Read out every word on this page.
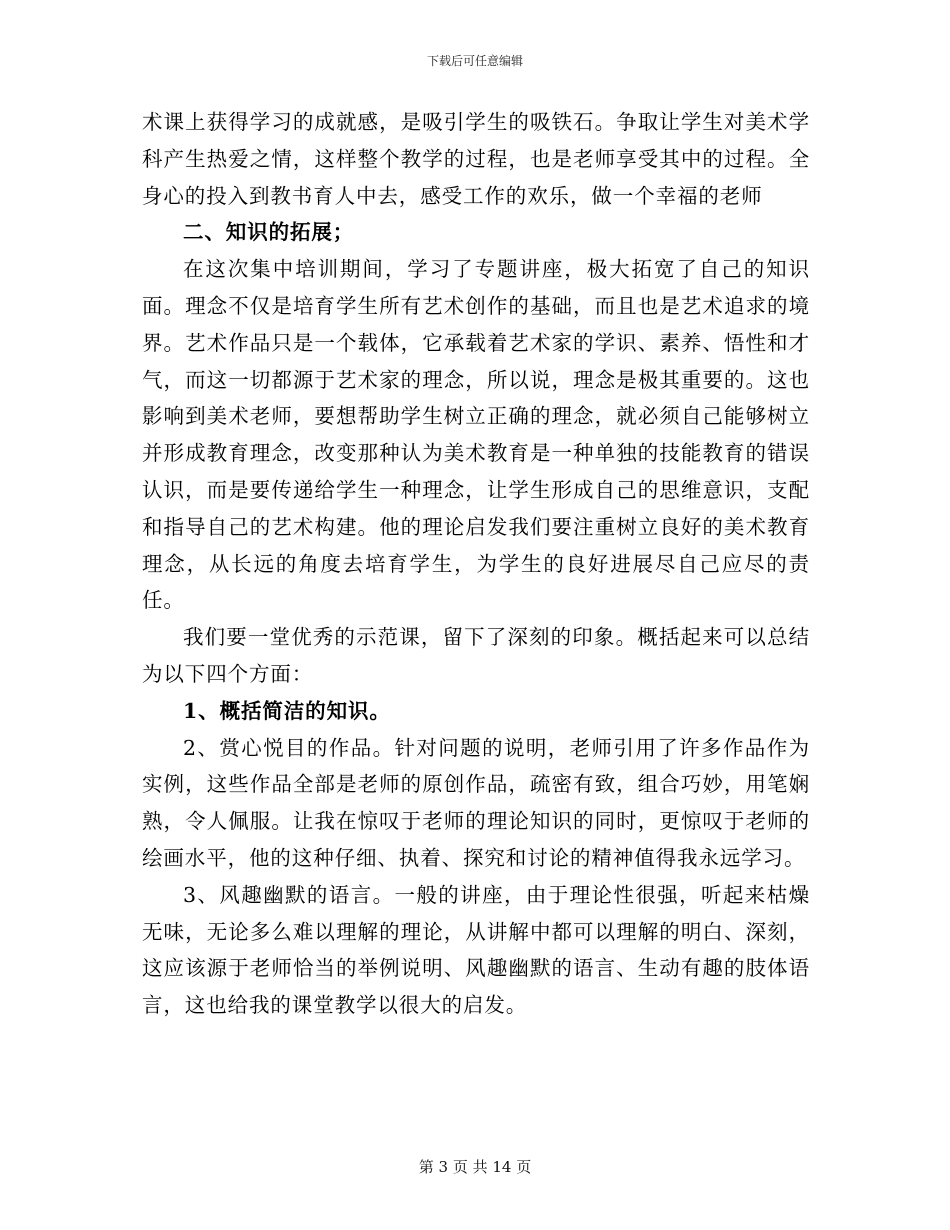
下载后可任意编辑

术课上获得学习的成就感，是吸引学生的吸铁石。争取让学生对美术学科产生热爱之情，这样整个教学的过程，也是老师享受其中的过程。全身心的投入到教书育人中去，感受工作的欢乐，做一个幸福的老师

二、知识的拓展；

在这次集中培训期间，学习了专题讲座，极大拓宽了自己的知识面。理念不仅是培育学生所有艺术创作的基础，而且也是艺术追求的境界。艺术作品只是一个载体，它承载着艺术家的学识、素养、悟性和才气，而这一切都源于艺术家的理念，所以说，理念是极其重要的。这也影响到美术老师，要想帮助学生树立正确的理念，就必须自己能够树立并形成教育理念，改变那种认为美术教育是一种单独的技能教育的错误认识，而是要传递给学生一种理念，让学生形成自己的思维意识，支配和指导自己的艺术构建。他的理论启发我们要注重树立良好的美术教育理念，从长远的角度去培育学生，为学生的良好进展尽自己应尽的责任。

我们要一堂优秀的示范课，留下了深刻的印象。概括起来可以总结为以下四个方面：

1、概括简洁的知识。

2、赏心悦目的作品。针对问题的说明，老师引用了许多作品作为实例，这些作品全部是老师的原创作品，疏密有致，组合巧妙，用笔娴熟，令人佩服。让我在惊叹于老师的理论知识的同时，更惊叹于老师的绘画水平，他的这种仔细、执着、探究和讨论的精神值得我永远学习。

3、风趣幽默的语言。一般的讲座，由于理论性很强，听起来枯燥无味，无论多么难以理解的理论，从讲解中都可以理解的明白、深刻，这应该源于老师恰当的举例说明、风趣幽默的语言、生动有趣的肢体语言，这也给我的课堂教学以很大的启发。

第 3 页 共 14 页
